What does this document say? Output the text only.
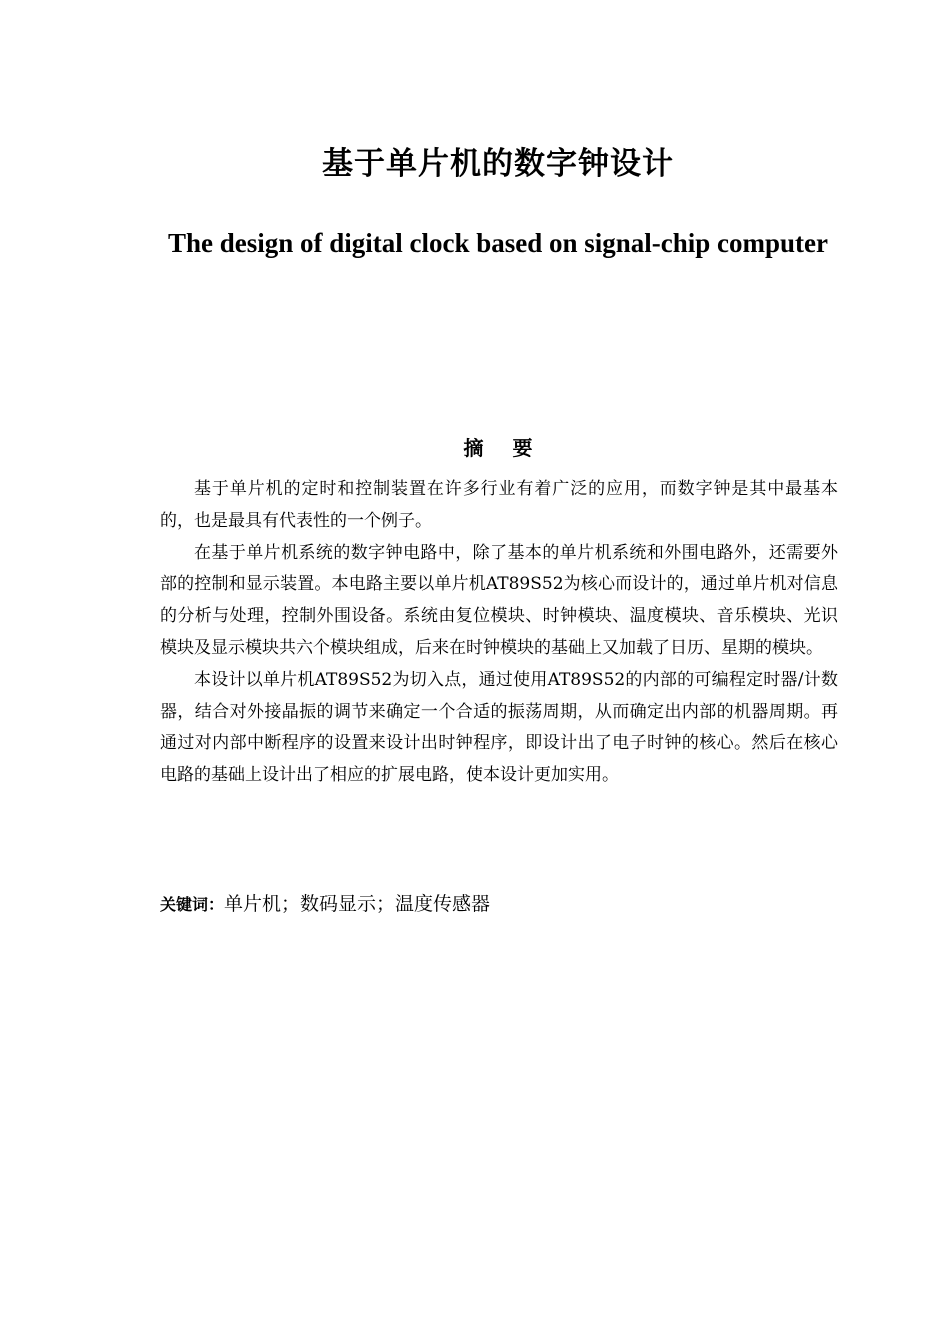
基于单片机的数字钟设计
The design of digital clock based on signal-chip computer
摘 要

基于单片机的定时和控制装置在许多行业有着广泛的应用，而数字钟是其中最基本的，也是最具有代表性的一个例子。

在基于单片机系统的数字钟电路中，除了基本的单片机系统和外围电路外，还需要外部的控制和显示装置。本电路主要以单片机AT89S52为核心而设计的，通过单片机对信息的分析与处理，控制外围设备。系统由复位模块、时钟模块、温度模块、音乐模块、光识模块及显示模块共六个模块组成，后来在时钟模块的基础上又加载了日历、星期的模块。

本设计以单片机AT89S52为切入点，通过使用AT89S52的内部的可编程定时器/计数器，结合对外接晶振的调节来确定一个合适的振荡周期，从而确定出内部的机器周期。再通过对内部中断程序的设置来设计出时钟程序，即设计出了电子时钟的核心。然后在核心电路的基础上设计出了相应的扩展电路，使本设计更加实用。

关键词：单片机；数码显示；温度传感器
